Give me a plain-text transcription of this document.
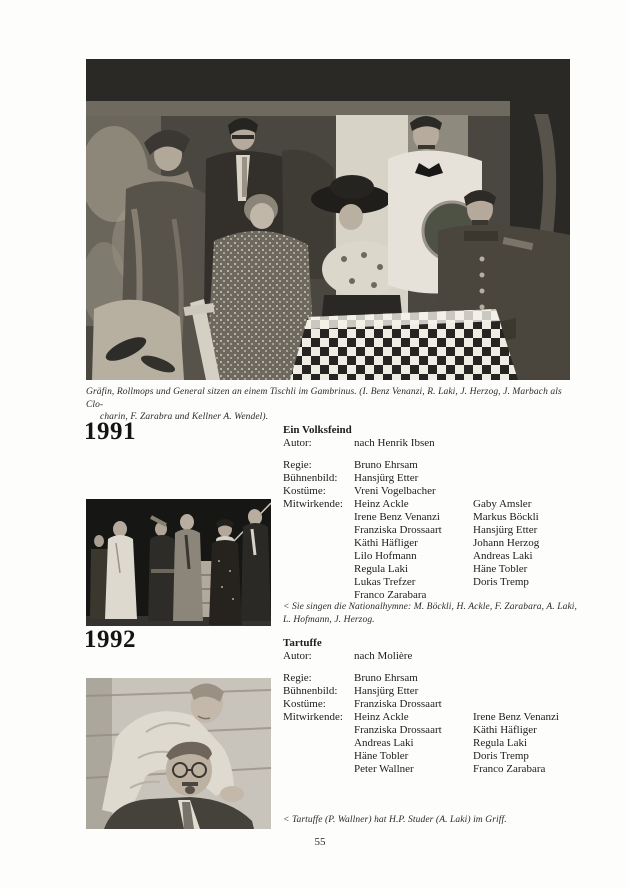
Gräfin, Rollmops und General sitzen an einem Tischli im Gambrinus. (I. Benz Venanzi, R. Laki, J. Herzog, J. Marbach als Clo-
charin, F. Zarabra und Kellner A. Wendel).
1991	Ein Volksfeind
Autor:	nach Henrik Ibsen
Regie:	Bruno Ehrsam
Bühnenbild:	Hansjürg Etter
Kostüme:	Vreni Vogelbacher
Mitwirkende:	Heinz Ackle	Gaby Amsler
Irene Benz Venanzi	Markus Böckli
Franziska Drossaart	Hansjürg Etter
Käthi Häfliger	Johann Herzog
Lilo Hofmann	Andreas Laki
Regula Laki	Häne Tobler
Lukas Trefzer	Doris Tremp
Franco Zarabara
< Sie singen die Nationalhymne: M. Böckli, H. Ackle, F. Zarabara, A. Laki,
L. Hofmann, J. Herzog.
1992	Tartuffe
Autor:	nach Molière
Regie:	Bruno Ehrsam
Bühnenbild:	Hansjürg Etter
Kostüme:	Franziska Drossaart
Mitwirkende:	Heinz Ackle	Irene Benz Venanzi
Franziska Drossaart	Käthi Häfliger
Andreas Laki	Regula Laki
Häne Tobler	Doris Tremp
Peter Wallner	Franco Zarabara
< Tartuffe (P. Wallner) hat H.P. Studer (A. Laki) im Griff.
55
